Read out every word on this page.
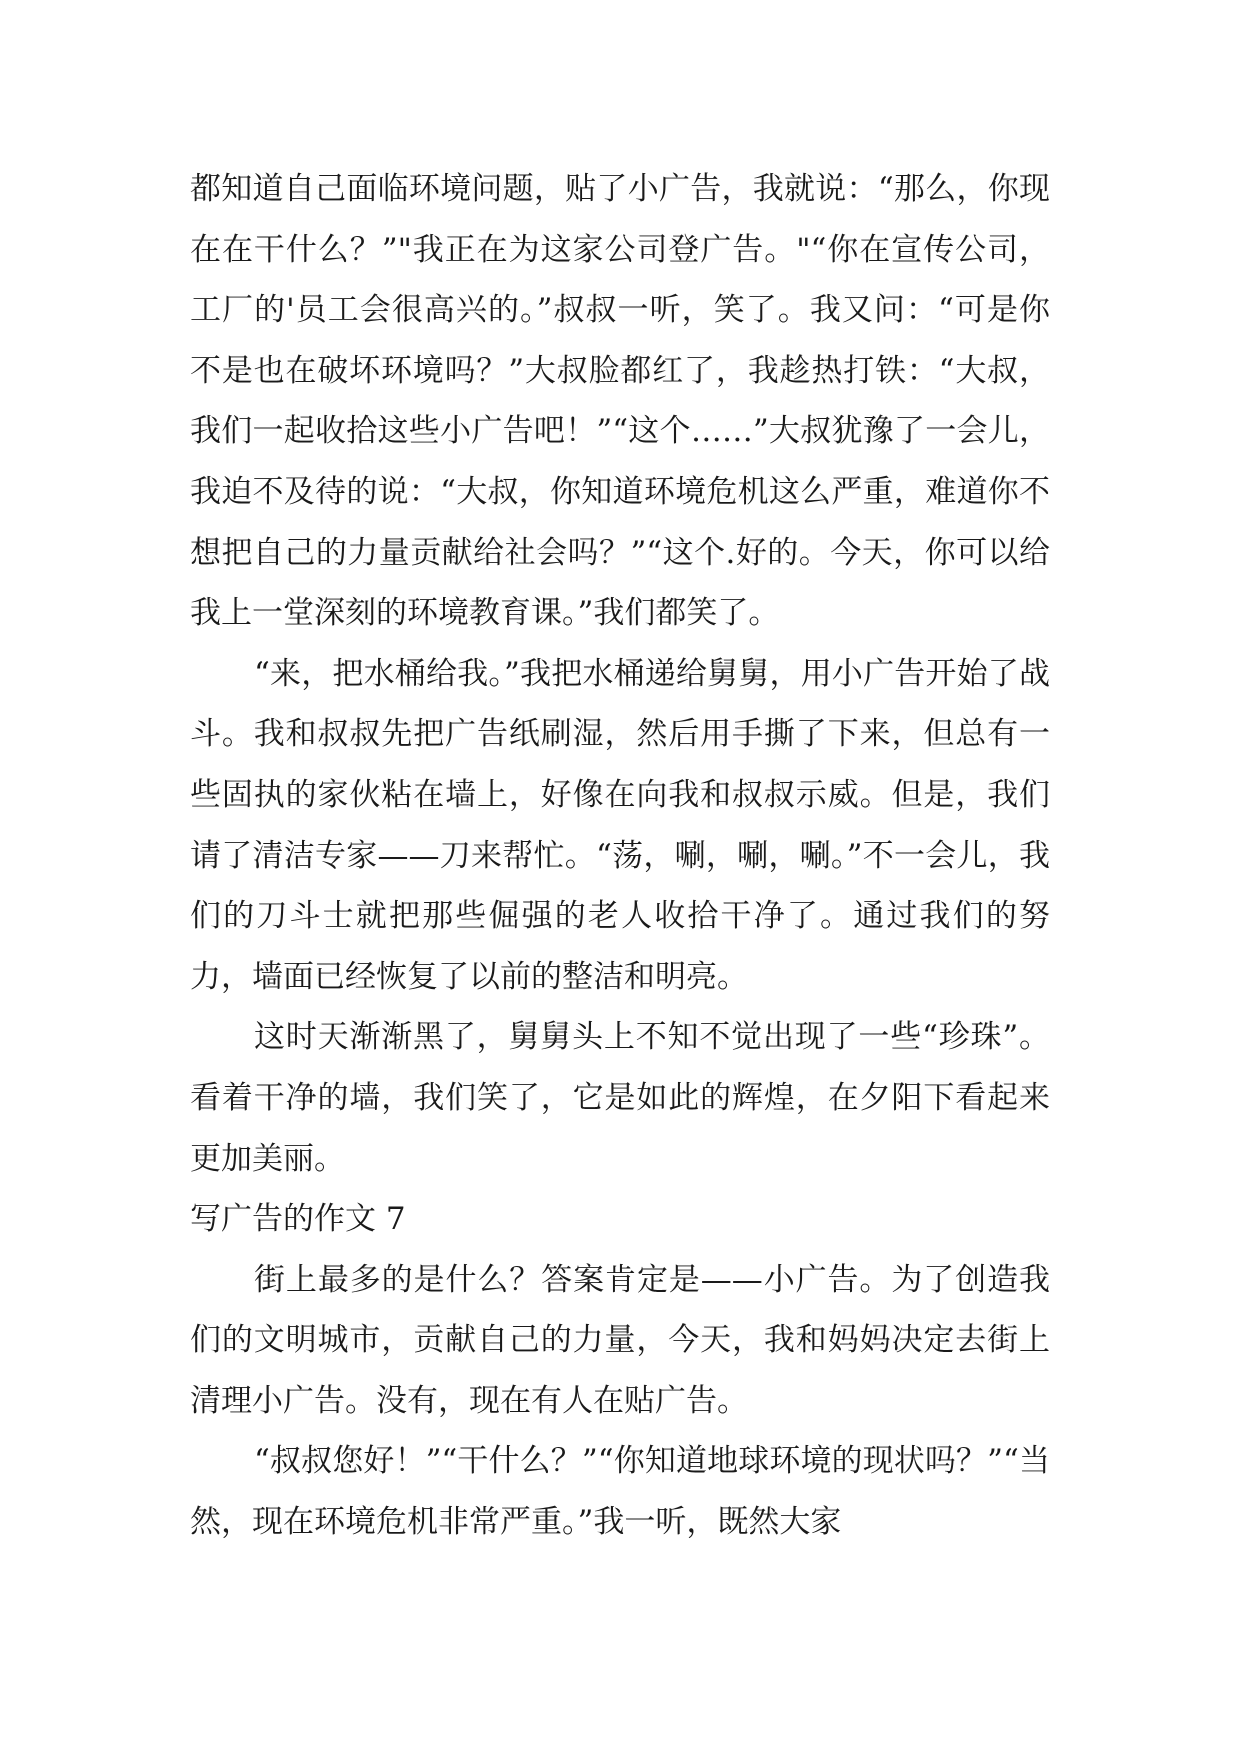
都知道自己面临环境问题，贴了小广告，我就说：“那么，你现在在干什么？”"我正在为这家公司登广告。"“你在宣传公司，工厂的'员工会很高兴的。”叔叔一听，笑了。我又问：“可是你不是也在破坏环境吗？”大叔脸都红了，我趁热打铁：“大叔，我们一起收拾这些小广告吧！”“这个……”大叔犹豫了一会儿，我迫不及待的说：“大叔，你知道环境危机这么严重，难道你不想把自己的力量贡献给社会吗？”“这个.好的。今天，你可以给我上一堂深刻的环境教育课。”我们都笑了。

“来，把水桶给我。”我把水桶递给舅舅，用小广告开始了战斗。我和叔叔先把广告纸刷湿，然后用手撕了下来，但总有一些固执的家伙粘在墙上，好像在向我和叔叔示威。但是，我们请了清洁专家——刀来帮忙。“荡，唰，唰，唰。”不一会儿，我们的刀斗士就把那些倔强的老人收拾干净了。通过我们的努力，墙面已经恢复了以前的整洁和明亮。

这时天渐渐黑了，舅舅头上不知不觉出现了一些“珍珠”。看着干净的墙，我们笑了，它是如此的辉煌，在夕阳下看起来更加美丽。

写广告的作文 7

街上最多的是什么？答案肯定是——小广告。为了创造我们的文明城市，贡献自己的力量，今天，我和妈妈决定去街上清理小广告。没有，现在有人在贴广告。

“叔叔您好！”“干什么？”“你知道地球环境的现状吗？”“当然，现在环境危机非常严重。”我一听，既然大家
